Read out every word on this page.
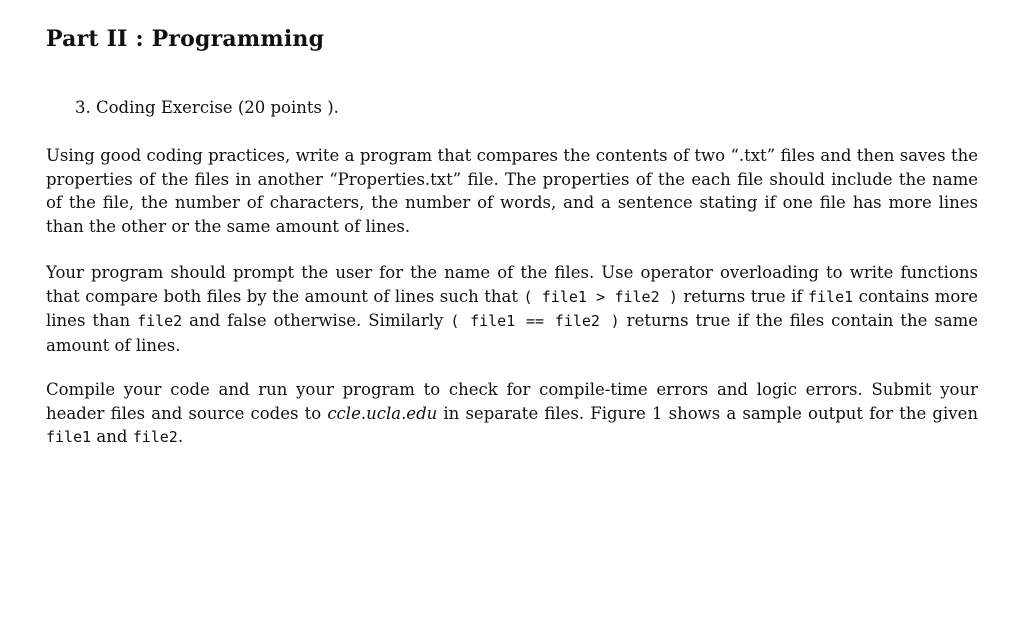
Part II : Programming

3. Coding Exercise (20 points ).

Using good coding practices, write a program that compares the contents of two “.txt” files and then saves the properties of the files in another “Properties.txt” file. The properties of the each file should include the name of the file, the number of characters, the number of words, and a sentence stating if one file has more lines than the other or the same amount of lines.

Your program should prompt the user for the name of the files. Use operator overloading to write functions that compare both files by the amount of lines such that ( file1 > file2 ) returns true if file1 contains more lines than file2 and false otherwise. Similarly ( file1 == file2 ) returns true if the files contain the same amount of lines.

Compile your code and run your program to check for compile-time errors and logic errors. Submit your header files and source codes to ccle.ucla.edu in separate files. Figure 1 shows a sample output for the given file1 and file2.
